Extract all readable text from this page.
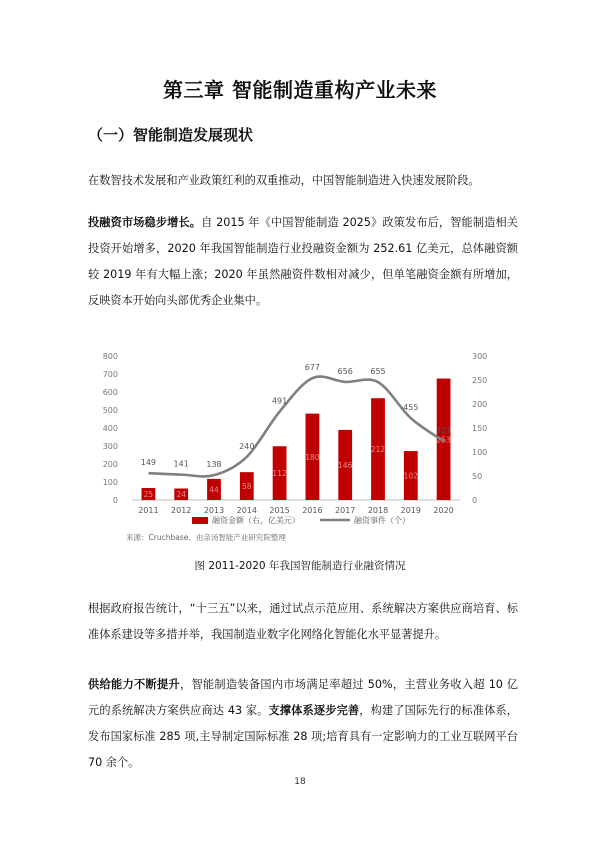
第三章 智能制造重构产业未来
（一）智能制造发展现状

在数智技术发展和产业政策红利的双重推动，中国智能制造进入快速发展阶段。

投融资市场稳步增长。自 2015 年《中国智能制造 2025》政策发布后，智能制造相关投资开始增多，2020 年我国智能制造行业投融资金额为 252.61 亿美元，总体融资额较 2019 年有大幅上涨；2020 年虽然融资件数相对减少，但单笔融资金额有所增加，反映资本开始向头部优秀企业集中。

0
100
200
300
400
500
600
700
800
0
50
100
150
200
250
300
25	24
44	58
112
180
146
212
102
253
149 141 138
240
491
677 656 655
455
327
2011 2012 2013 2014 2015 2016 2017 2018 2019 2020
融资金额（右，亿美元）	融资事件（个）
来源：Cruchbase、由亲汤智能产业研究院整理
图 2011-2020 年我国智能制造行业融资情况

根据政府报告统计，“十三五”以来，通过试点示范应用、系统解决方案供应商培育、标准体系建设等多措并举，我国制造业数字化网络化智能化水平显著提升。

供给能力不断提升，智能制造装备国内市场满足率超过 50%，主营业务收入超 10 亿元的系统解决方案供应商达 43 家。支撑体系逐步完善，构建了国际先行的标准体系，发布国家标准 285 项,主导制定国际标准 28 项;培育具有一定影响力的工业互联网平台 70 余个。

18
